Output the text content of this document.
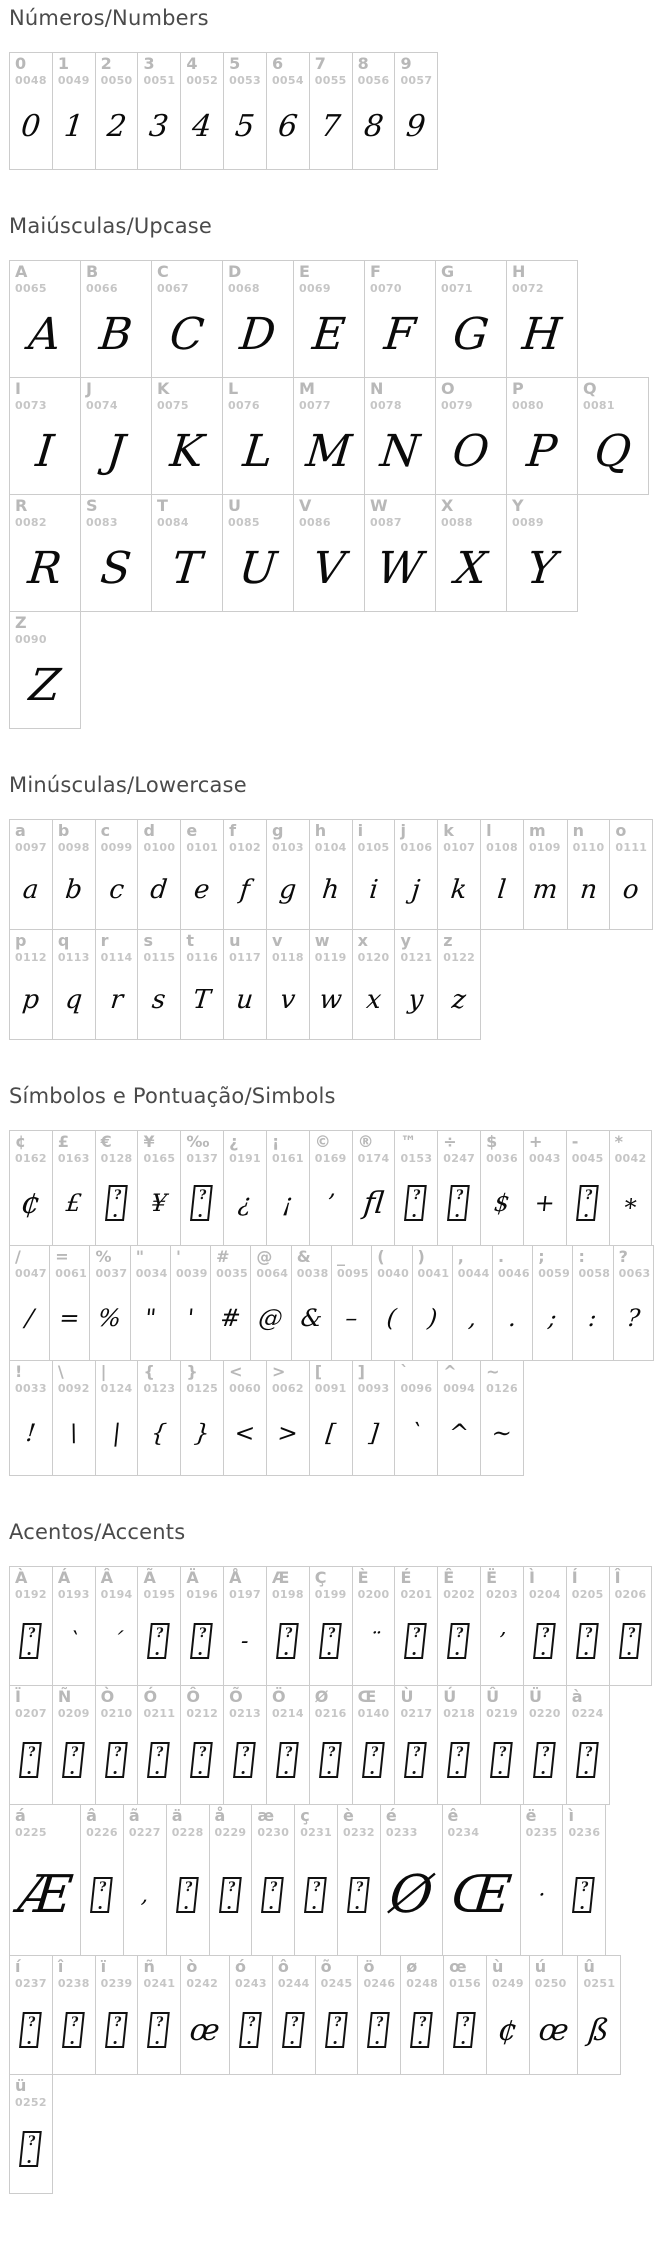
Números/Numbers
0
0048
0
1
0049
1
2
0050
2
3
0051
3
4
0052
4
5
0053
5
6
0054
6
7
0055
7
8
0056
8
9
0057
9
Maiúsculas/Upcase
A
0065
A
B
0066
B
C
0067
C
D
0068
D
E
0069
E
F
0070
F
G
0071
G
H
0072
H
I
0073
I
J
0074
J
K
0075
K
L
0076
L
M
0077
M
N
0078
N
O
0079
O
P
0080
P
Q
0081
Q
R
0082
R
S
0083
S
T
0084
T
U
0085
U
V
0086
V
W
0087
W
X
0088
X
Y
0089
Y
Z
0090
Z
Minúsculas/Lowercase
a
0097
a
b
0098
b
c
0099
c
d
0100
d
e
0101
e
f
0102
f
g
0103
g
h
0104
h
i
0105
i
j
0106
j
k
0107
k
l
0108
l
m
0109
m
n
0110
n
o
0111
o
p
0112
p
q
0113
q
r
0114
r
s
0115
s
t
0116
T
u
0117
u
v
0118
v
w
0119
w
x
0120
x
y
0121
y
z
0122
z
Símbolos e Pontuação/Simbols
¢
0162
¢
£
0163
£
€
0128
?
¥
0165
¥
‰
0137
?
¿
0191
¿
¡
0161
¡
©
0169
’
®
0174
fl
™
0153
?
÷
0247
?
$
0036
$
+
0043
+
-
0045
?
*
0042
∗
/
0047
/
=
0061
=
%
0037
%
"
0034
"
'
0039
'
#
0035
#
@
0064
@
&
0038
&
_
0095
–
(
0040
(
)
0041
)
,
0044
,
.
0046
.
;
0059
;
:
0058
:
?
0063
?
!
0033
!
\
0092
\
|
0124
|
{
0123
{
}
0125
}
<
0060
<
>
0062
>
[
0091
[
]
0093
]
`
0096
`
^
0094
^
~
0126
~
Acentos/Accents
À
0192
?
Á
0193
`
Â
0194
´
Ã
0195
?
Ä
0196
?
Å
0197
-
Æ
0198
?
Ç
0199
?
È
0200
¨
É
0201
?
Ê
0202
?
Ë
0203
’
Ì
0204
?
Í
0205
?
Î
0206
?
Ï
0207
?
Ñ
0209
?
Ò
0210
?
Ó
0211
?
Ô
0212
?
Õ
0213
?
Ö
0214
?
Ø
0216
?
Œ
0140
?
Ù
0217
?
Ú
0218
?
Û
0219
?
Ü
0220
?
à
0224
?
á
0225
Æ
â
0226
?
ã
0227
‚
ä
0228
?
å
0229
?
æ
0230
?
ç
0231
?
è
0232
?
é
0233
Ø
ê
0234
Œ
ë
0235
·
ì
0236
?
í
0237
?
î
0238
?
ï
0239
?
ñ
0241
?
ò
0242
œ
ó
0243
?
ô
0244
?
õ
0245
?
ö
0246
?
ø
0248
?
œ
0156
?
ù
0249
¢
ú
0250
œ
û
0251
ß
ü
0252
?
